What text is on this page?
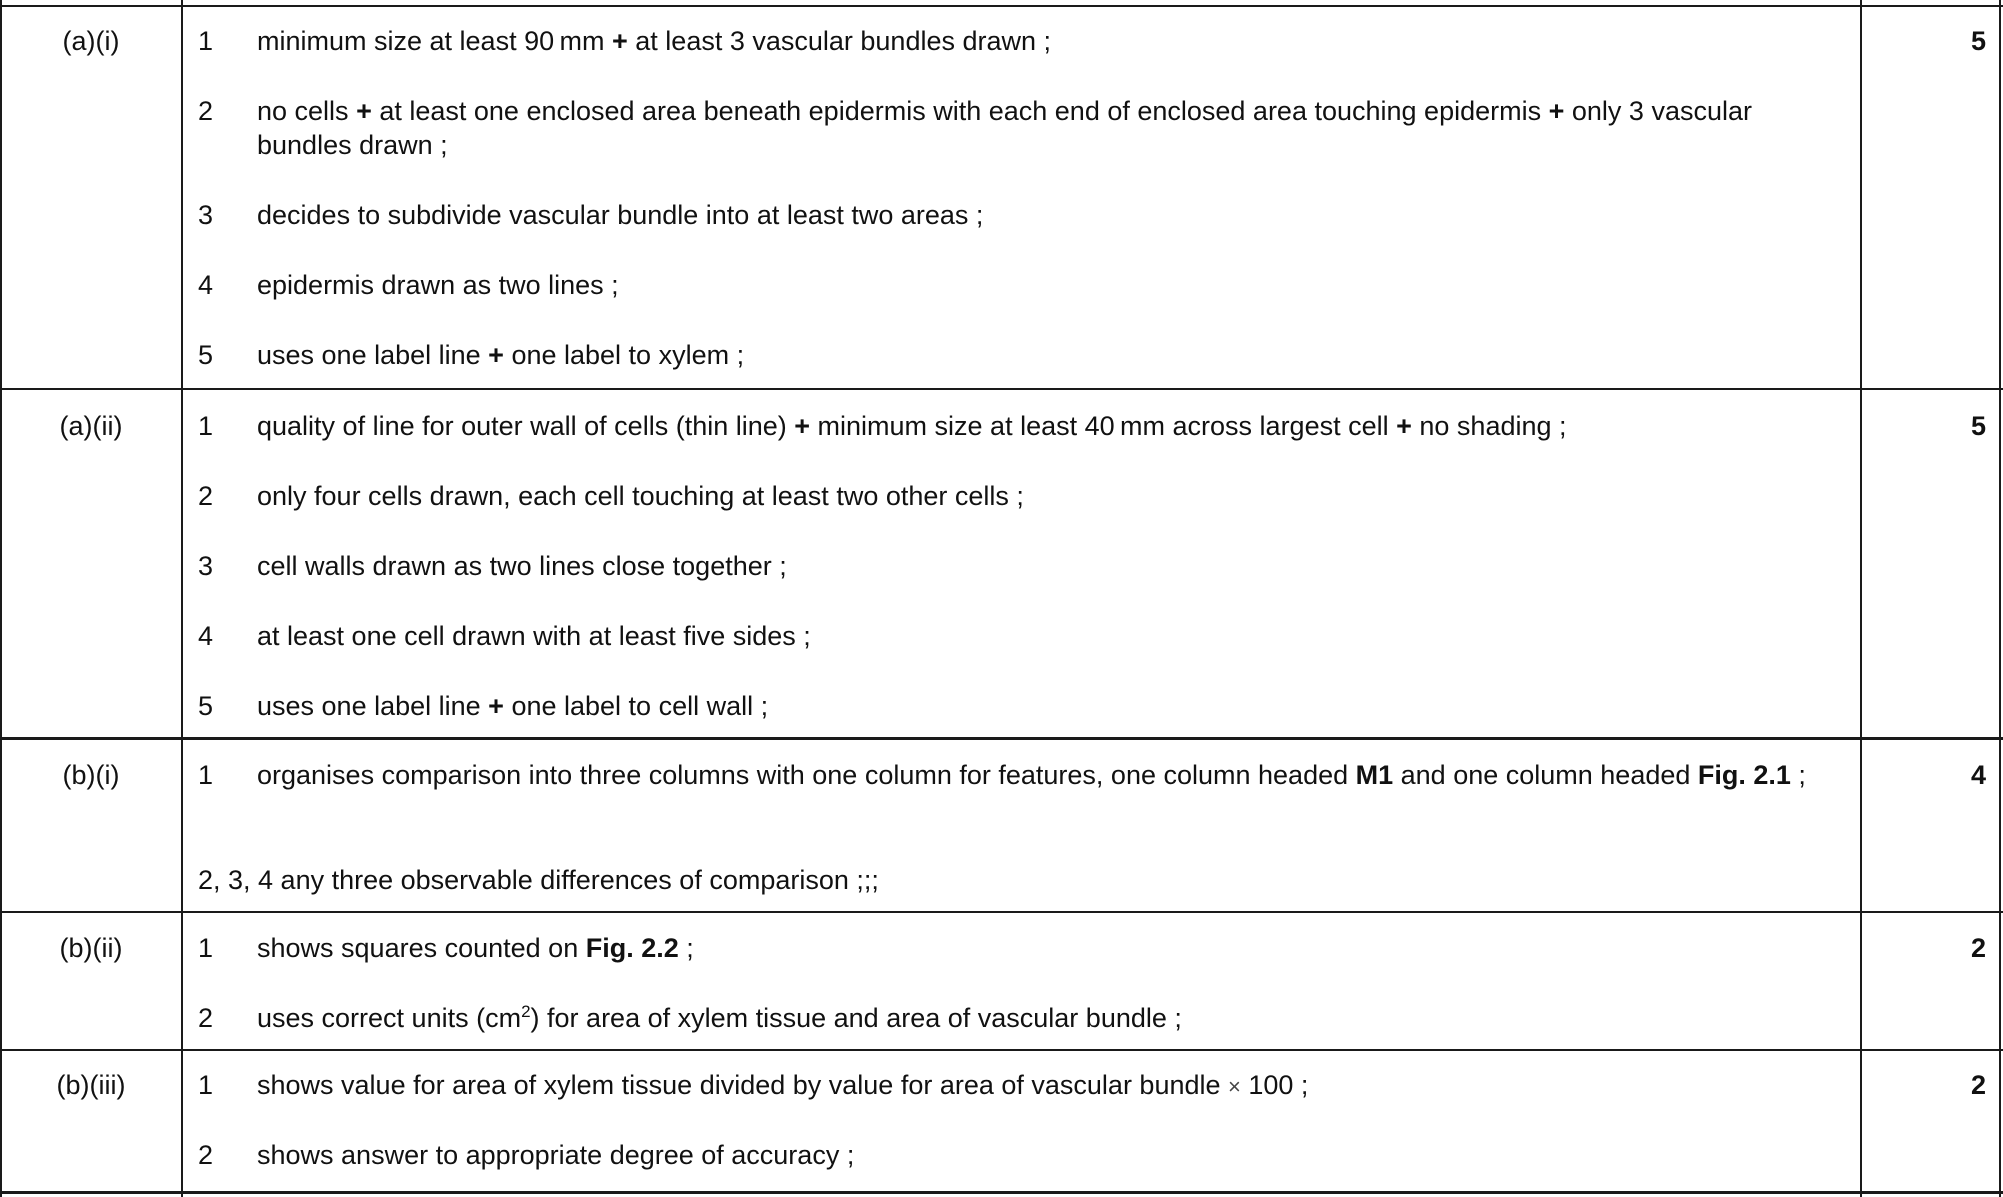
(a)(i)	5
1	minimum size at least 90 mm + at least 3 vascular bundles drawn ;
2	no cells + at least one enclosed area beneath epidermis with each end of enclosed area touching epidermis + only 3 vascular bundles drawn ;
3	decides to subdivide vascular bundle into at least two areas ;
4	epidermis drawn as two lines ;
5	uses one label line + one label to xylem ;
(a)(ii)	5
1	quality of line for outer wall of cells (thin line) + minimum size at least 40 mm across largest cell + no shading ;
2	only four cells drawn, each cell touching at least two other cells ;
3	cell walls drawn as two lines close together ;
4	at least one cell drawn with at least five sides ;
5	uses one label line + one label to cell wall ;
(b)(i)	4
1	organises comparison into three columns with one column for features, one column headed M1 and one column headed Fig. 2.1 ;
2, 3, 4 any three observable differences of comparison ;;;
(b)(ii)	2
1	shows squares counted on Fig. 2.2 ;
2	uses correct units $(cm^2)$ for area of xylem tissue and area of vascular bundle ;
(b)(iii)	2
1	shows value for area of xylem tissue divided by value for area of vascular bundle × 100 ;
2	shows answer to appropriate degree of accuracy ;
